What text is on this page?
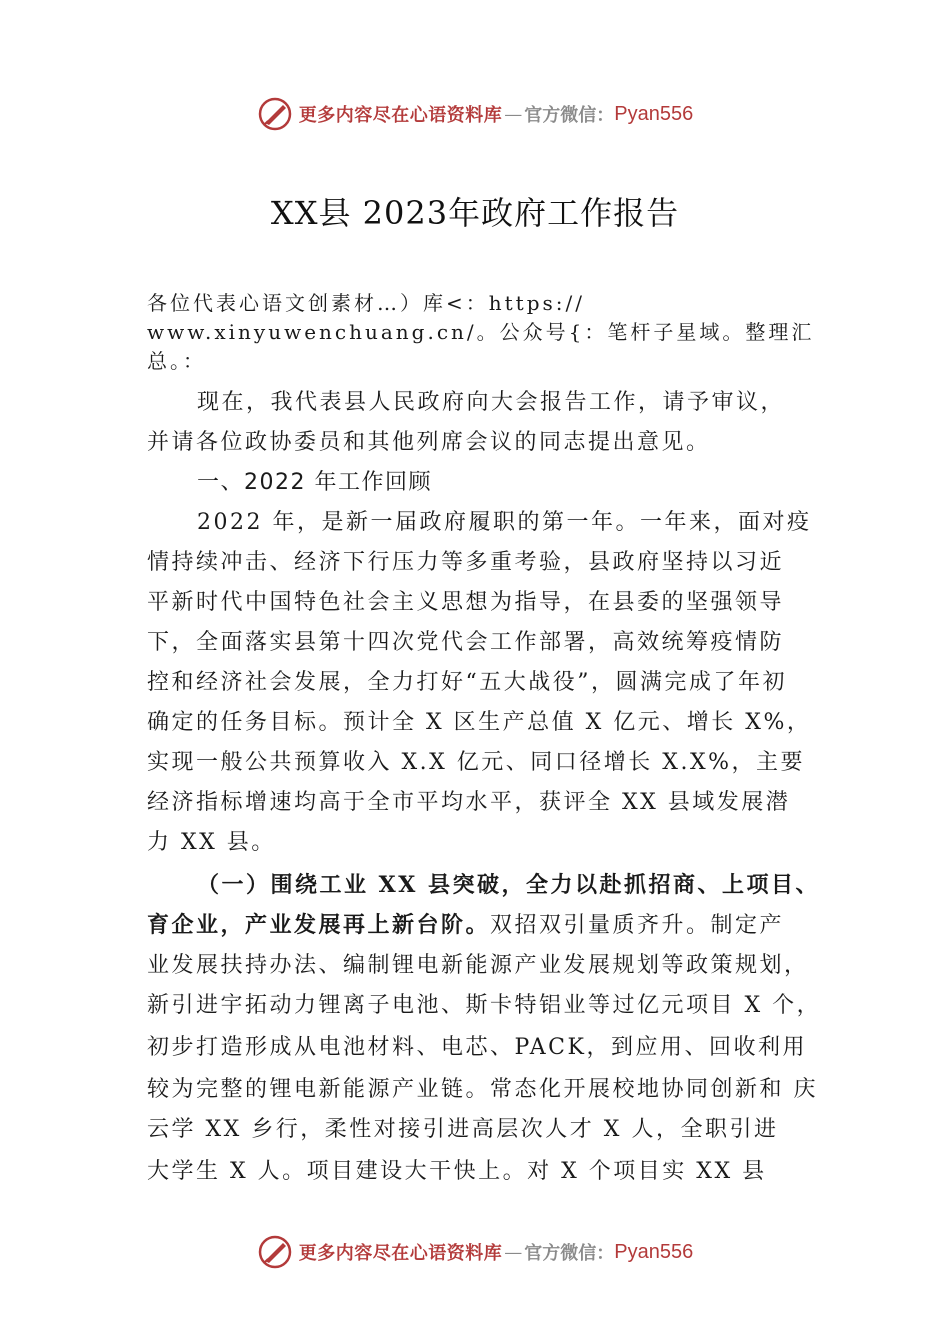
更多内容尽在心语资料库 — 官方微信： Pyan556
XX县 2023年政府工作报告
各位代表心语文创素材…）库<：https://
www.xinyuwenchuang.cn/。公众号{：笔杆子星域。整理汇
总。：
现在，我代表县人民政府向大会报告工作，请予审议，
并请各位政协委员和其他列席会议的同志提出意见。
一、2022 年工作回顾
2022 年，是新一届政府履职的第一年。一年来，面对疫
情持续冲击、经济下行压力等多重考验，县政府坚持以习近
平新时代中国特色社会主义思想为指导，在县委的坚强领导
下，全面落实县第十四次党代会工作部署，高效统筹疫情防
控和经济社会发展，全力打好“五大战役”，圆满完成了年初
确定的任务目标。预计全 X 区生产总值 X 亿元、增长 X%，
实现一般公共预算收入 X.X 亿元、同口径增长 X.X%，主要
经济指标增速均高于全市平均水平，获评全 XX 县域发展潜
力 XX 县。
（一）围绕工业 XX 县突破，全力以赴抓招商、上项目、
育企业，产业发展再上新台阶。双招双引量质齐升。制定产
业发展扶持办法、编制锂电新能源产业发展规划等政策规划，
新引进宇拓动力锂离子电池、斯卡特铝业等过亿元项目 X 个，
初步打造形成从电池材料、电芯、PACK，到应用、回收利用
较为完整的锂电新能源产业链。常态化开展校地协同创新和 庆
云学 XX 乡行，柔性对接引进高层次人才 X 人，全职引进
大学生 X 人。项目建设大干快上。对 X 个项目实 XX 县
更多内容尽在心语资料库 — 官方微信： Pyan556
